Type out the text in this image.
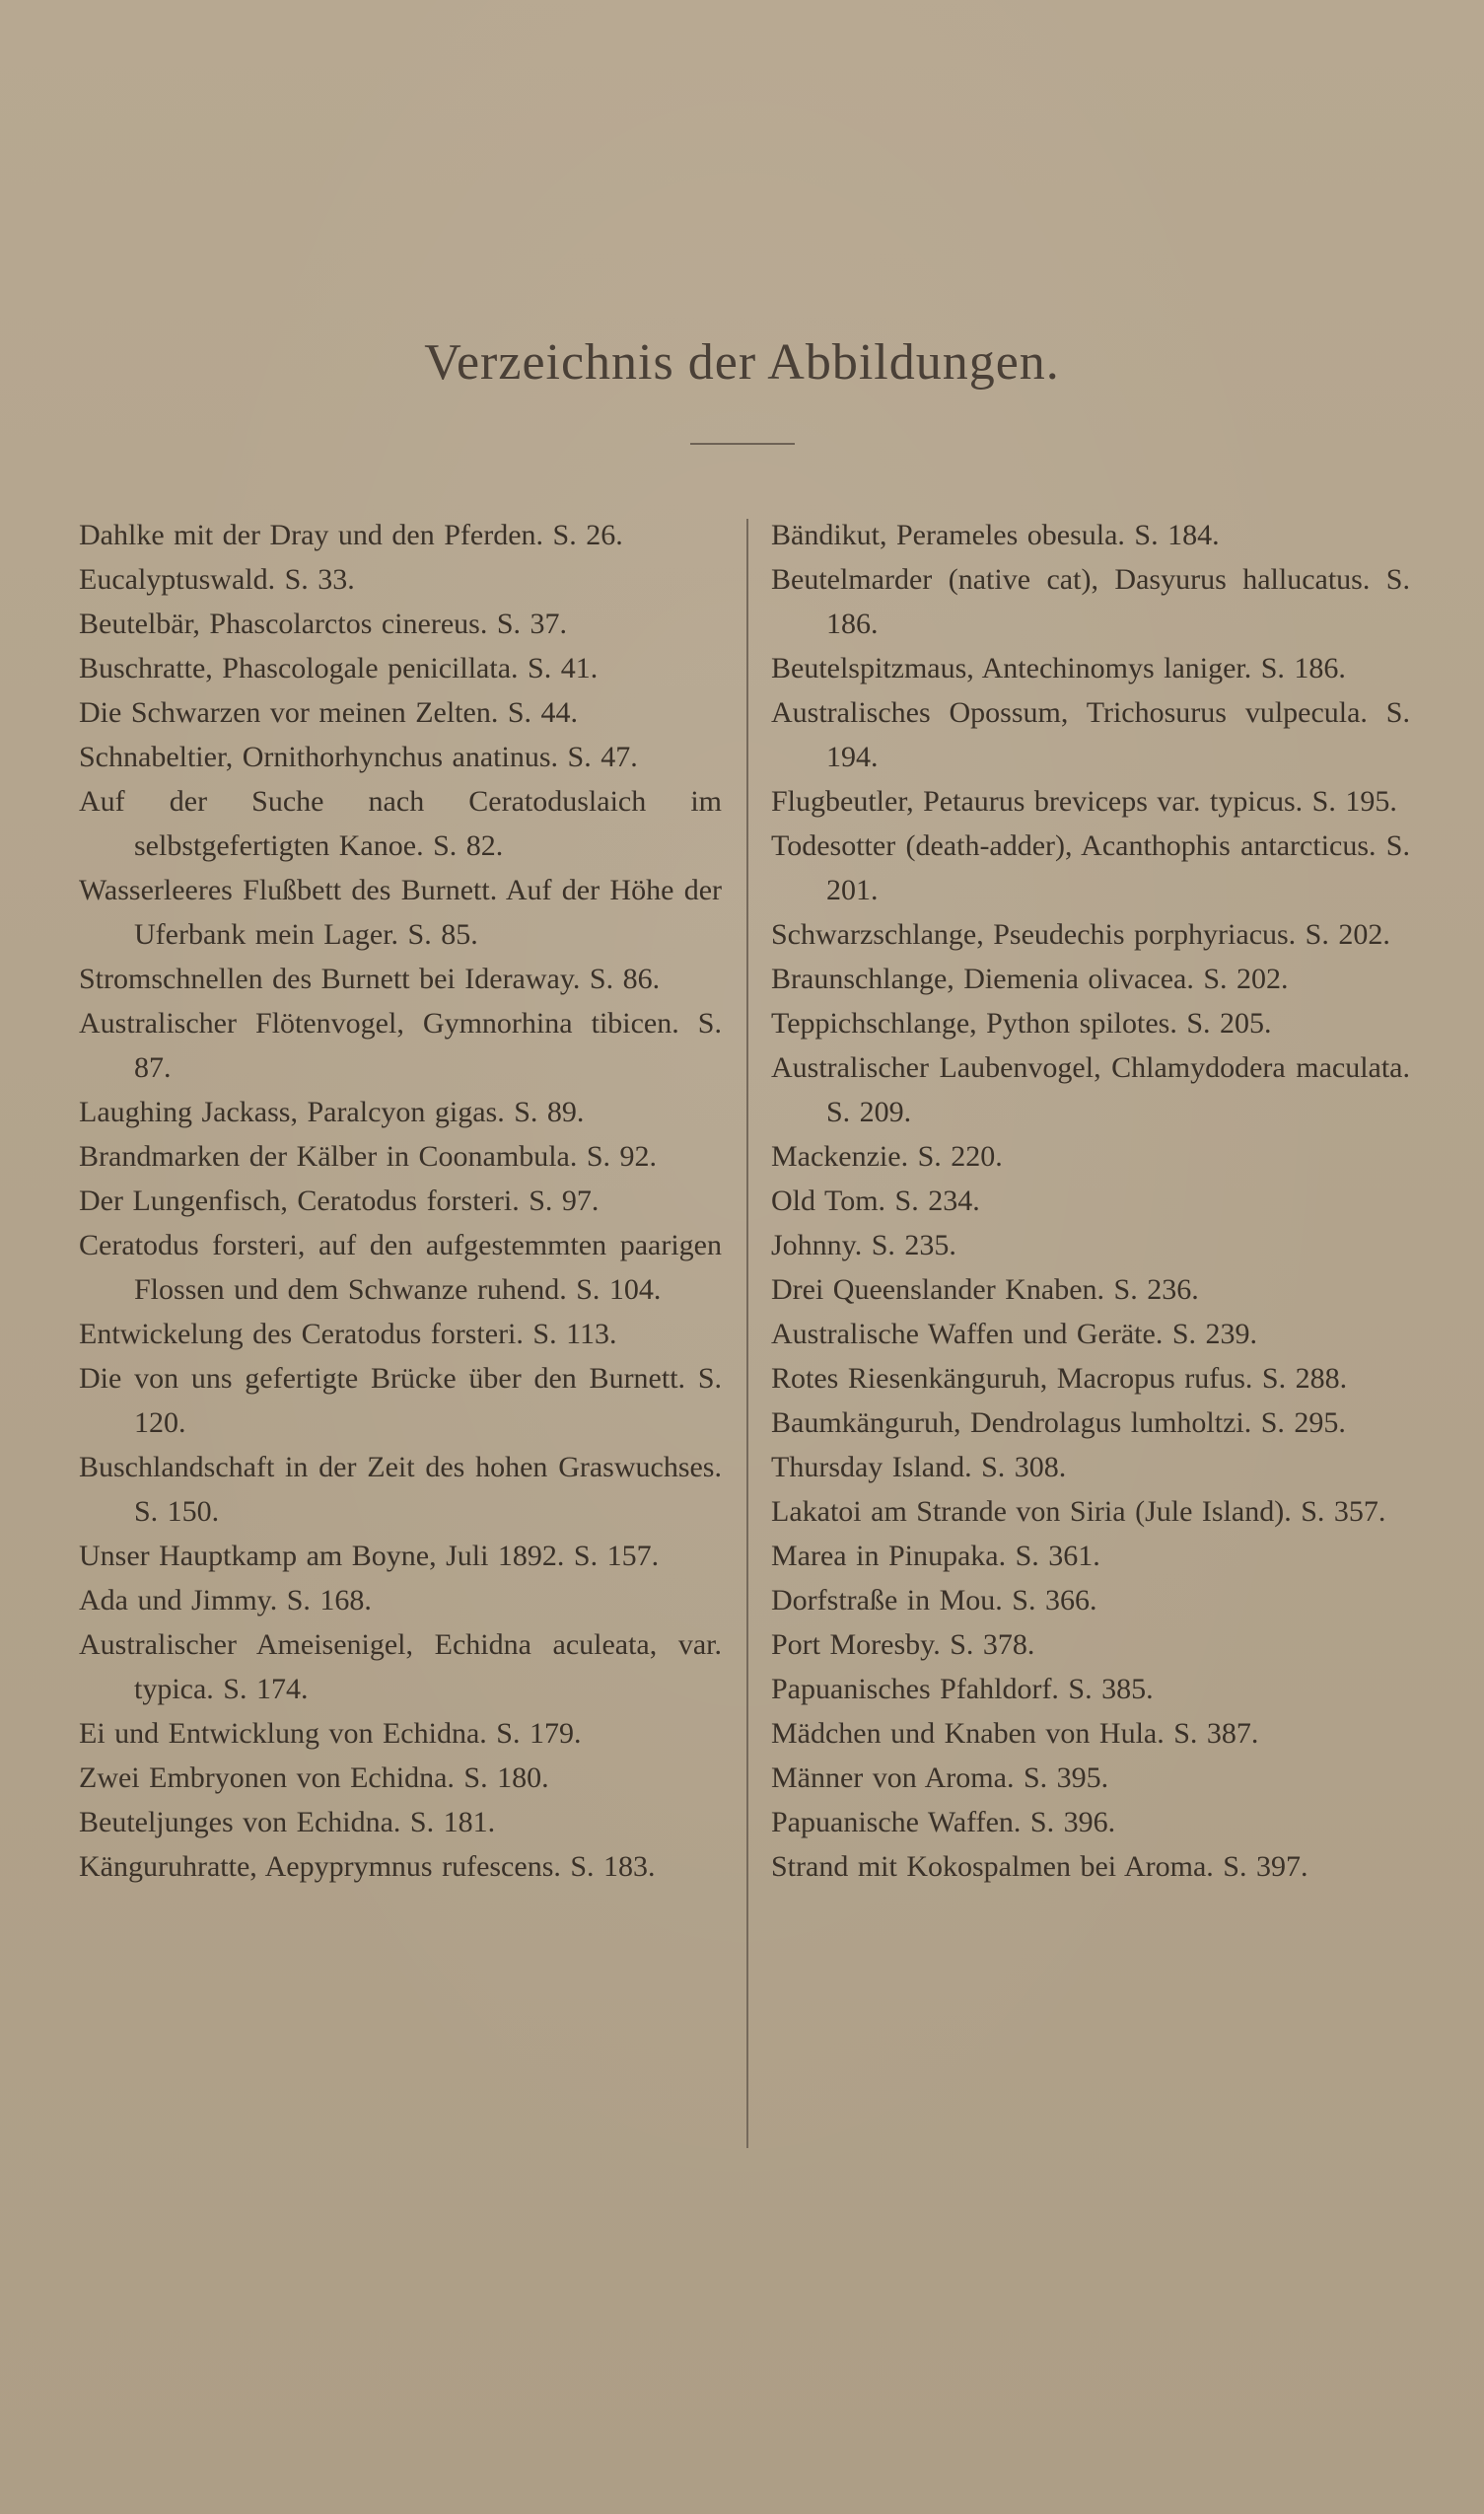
Verzeichnis der Abbildungen.
Dahlke mit der Dray und den Pferden. S. 26.
Eucalyptuswald. S. 33.
Beutelbär, Phascolarctos cinereus. S. 37.
Buschratte, Phascologale penicillata. S. 41.
Die Schwarzen vor meinen Zelten. S. 44.
Schnabeltier, Ornithorhynchus anatinus. S. 47.
Auf der Suche nach Ceratoduslaich im selbstgefertigten Kanoe. S. 82.
Wasserleeres Flußbett des Burnett. Auf der Höhe der Uferbank mein Lager. S. 85.
Stromschnellen des Burnett bei Ideraway. S. 86.
Australischer Flötenvogel, Gymnorhina tibicen. S. 87.
Laughing Jackass, Paralcyon gigas. S. 89.
Brandmarken der Kälber in Coonambula. S. 92.
Der Lungenfisch, Ceratodus forsteri. S. 97.
Ceratodus forsteri, auf den aufgestemmten paarigen Flossen und dem Schwanze ruhend. S. 104.
Entwickelung des Ceratodus forsteri. S. 113.
Die von uns gefertigte Brücke über den Burnett. S. 120.
Buschlandschaft in der Zeit des hohen Graswuchses. S. 150.
Unser Hauptkamp am Boyne, Juli 1892. S. 157.
Ada und Jimmy. S. 168.
Australischer Ameisenigel, Echidna aculeata, var. typica. S. 174.
Ei und Entwicklung von Echidna. S. 179.
Zwei Embryonen von Echidna. S. 180.
Beuteljunges von Echidna. S. 181.
Känguruhratte, Aepyprymnus rufescens. S. 183.
Bändikut, Perameles obesula. S. 184.
Beutelmarder (native cat), Dasyurus hallucatus. S. 186.
Beutelspitzmaus, Antechinomys laniger. S. 186.
Australisches Opossum, Trichosurus vulpecula. S. 194.
Flugbeutler, Petaurus breviceps var. typicus. S. 195.
Todesotter (death-adder), Acanthophis antarcticus. S. 201.
Schwarzschlange, Pseudechis porphyriacus. S. 202.
Braunschlange, Diemenia olivacea. S. 202.
Teppichschlange, Python spilotes. S. 205.
Australischer Laubenvogel, Chlamydodera maculata. S. 209.
Mackenzie. S. 220.
Old Tom. S. 234.
Johnny. S. 235.
Drei Queenslander Knaben. S. 236.
Australische Waffen und Geräte. S. 239.
Rotes Riesenkänguruh, Macropus rufus. S. 288.
Baumkänguruh, Dendrolagus lumholtzi. S. 295.
Thursday Island. S. 308.
Lakatoi am Strande von Siria (Jule Island). S. 357.
Marea in Pinupaka. S. 361.
Dorfstraße in Mou. S. 366.
Port Moresby. S. 378.
Papuanisches Pfahldorf. S. 385.
Mädchen und Knaben von Hula. S. 387.
Männer von Aroma. S. 395.
Papuanische Waffen. S. 396.
Strand mit Kokospalmen bei Aroma. S. 397.
